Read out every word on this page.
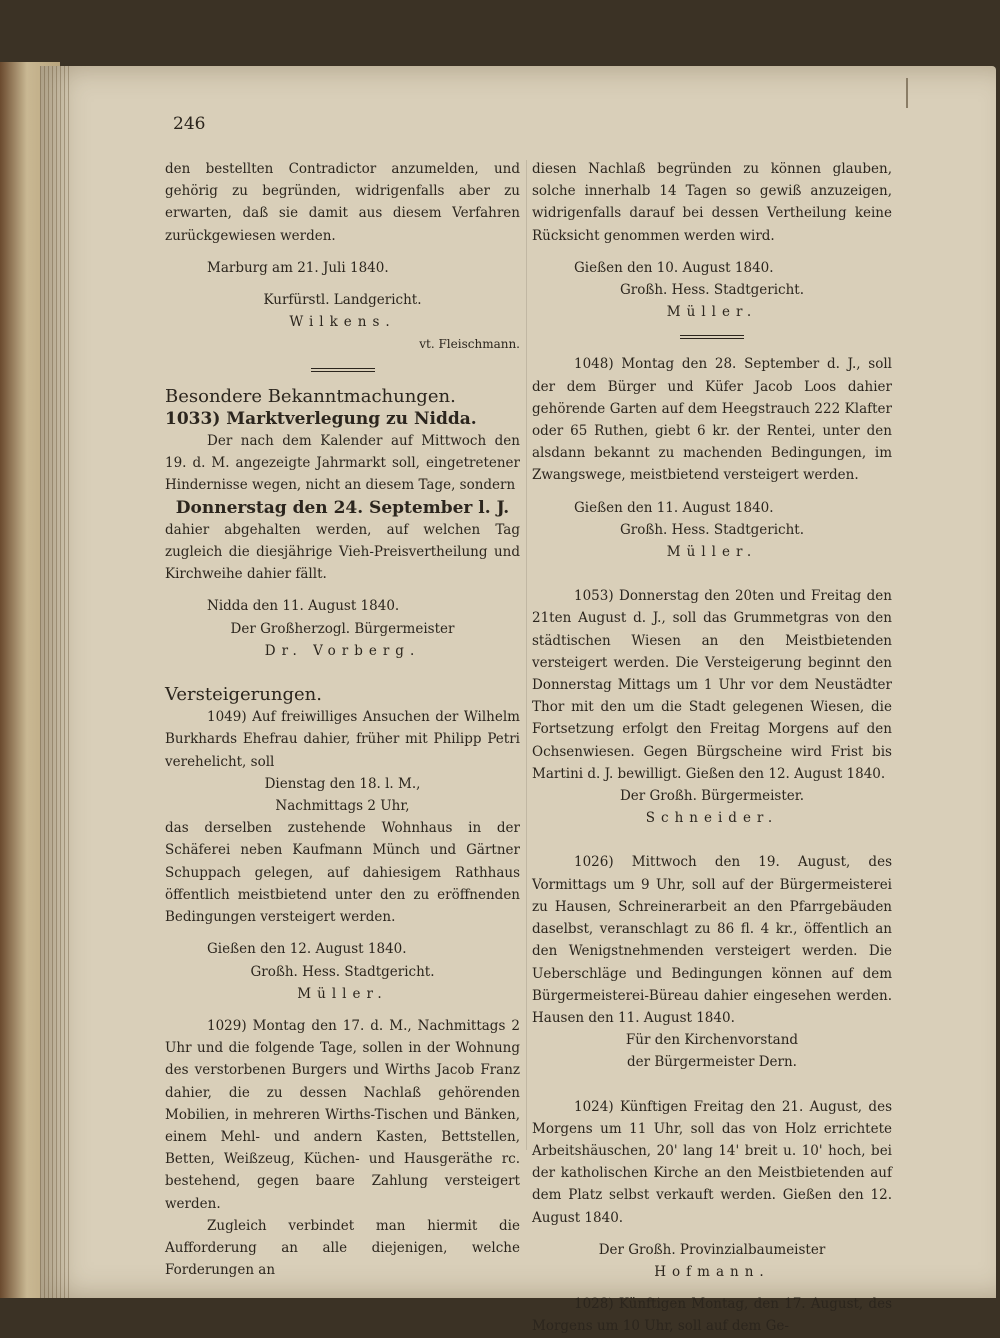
246

den bestellten Contradictor anzumelden, und gehörig zu begründen, widrigenfalls aber zu erwarten, daß sie damit aus diesem Verfahren zurückgewiesen werden.

Marburg am 21. Juli 1840.

Kurfürstl. Landgericht.

Wilkens.

vt. Fleischmann.

Besondere Bekanntmachungen.

1033) Marktverlegung zu Nidda.

Der nach dem Kalender auf Mittwoch den 19. d. M. angezeigte Jahrmarkt soll, eingetretener Hindernisse wegen, nicht an diesem Tage, sondern

Donnerstag den 24. September l. J.

dahier abgehalten werden, auf welchen Tag zugleich die diesjährige Vieh-Preisvertheilung und Kirchweihe dahier fällt.

Nidda den 11. August 1840.

Der Großherzogl. Bürgermeister

Dr. Vorberg.

Versteigerungen.

1049) Auf freiwilliges Ansuchen der Wilhelm Burkhards Ehefrau dahier, früher mit Philipp Petri verehelicht, soll

Dienstag den 18. l. M.,

Nachmittags 2 Uhr,

das derselben zustehende Wohnhaus in der Schäferei neben Kaufmann Münch und Gärtner Schuppach gelegen, auf dahiesigem Rathhaus öffentlich meistbietend unter den zu eröffnenden Bedingungen versteigert werden.

Gießen den 12. August 1840.

Großh. Hess. Stadtgericht.

Müller.

1029) Montag den 17. d. M., Nachmittags 2 Uhr und die folgende Tage, sollen in der Wohnung des verstorbenen Burgers und Wirths Jacob Franz dahier, die zu dessen Nachlaß gehörenden Mobilien, in mehreren Wirths-Tischen und Bänken, einem Mehl- und andern Kasten, Bettstellen, Betten, Weißzeug, Küchen- und Hausgeräthe rc. bestehend, gegen baare Zahlung versteigert werden.

Zugleich verbindet man hiermit die Aufforderung an alle diejenigen, welche Forderungen an

diesen Nachlaß begründen zu können glauben, solche innerhalb 14 Tagen so gewiß anzuzeigen, widrigenfalls darauf bei dessen Vertheilung keine Rücksicht genommen werden wird.

Gießen den 10. August 1840.

Großh. Hess. Stadtgericht.

Müller.

1048) Montag den 28. September d. J., soll der dem Bürger und Küfer Jacob Loos dahier gehörende Garten auf dem Heegstrauch 222 Klafter oder 65 Ruthen, giebt 6 kr. der Rentei, unter den alsdann bekannt zu machenden Bedingungen, im Zwangswege, meistbietend versteigert werden.

Gießen den 11. August 1840.

Großh. Hess. Stadtgericht.

Müller.

1053) Donnerstag den 20ten und Freitag den 21ten August d. J., soll das Grummetgras von den städtischen Wiesen an den Meistbietenden versteigert werden. Die Versteigerung beginnt den Donnerstag Mittags um 1 Uhr vor dem Neustädter Thor mit den um die Stadt gelegenen Wiesen, die Fortsetzung erfolgt den Freitag Morgens auf den Ochsenwiesen. Gegen Bürgscheine wird Frist bis Martini d. J. bewilligt. Gießen den 12. August 1840.

Der Großh. Bürgermeister.

Schneider.

1026) Mittwoch den 19. August, des Vormittags um 9 Uhr, soll auf der Bürgermeisterei zu Hausen, Schreinerarbeit an den Pfarrgebäuden daselbst, veranschlagt zu 86 fl. 4 kr., öffentlich an den Wenigstnehmenden versteigert werden. Die Ueberschläge und Bedingungen können auf dem Bürgermeisterei-Büreau dahier eingesehen werden. Hausen den 11. August 1840.

Für den Kirchenvorstand

der Bürgermeister Dern.

1024) Künftigen Freitag den 21. August, des Morgens um 11 Uhr, soll das von Holz errichtete Arbeitshäuschen, 20' lang 14' breit u. 10' hoch, bei der katholischen Kirche an den Meistbietenden auf dem Platz selbst verkauft werden. Gießen den 12. August 1840.

Der Großh. Provinzialbaumeister

Hofmann.

1028) Künftigen Montag, den 17. August, des Morgens um 10 Uhr, soll auf dem Ge-
